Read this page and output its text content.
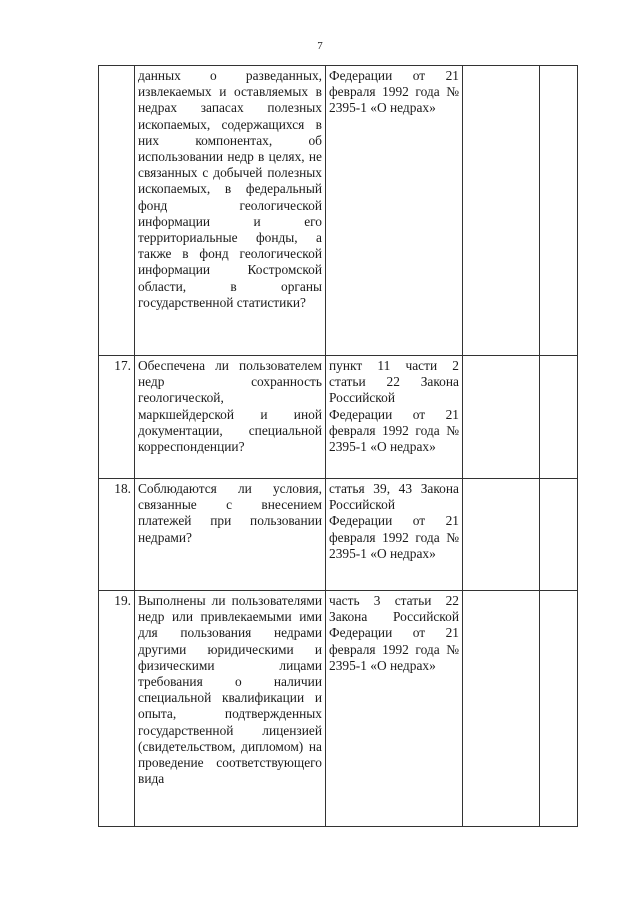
7
	данных о разведанных, извлекаемых и оставляемых в недрах запасах полезных ископаемых, содержащихся в них компонентах, об использовании недр в целях, не связанных с добычей полезных ископаемых, в федеральный фонд геологической информации и его территориальные фонды, а также в фонд геологической информации Костромской области, в органы государственной статистики?	Федерации от 21 февраля 1992 года № 2395-1 «О недрах»		
17.	Обеспечена ли пользователем недр сохранность геологической, маркшейдерской и иной документации, специальной корреспонденции?	пункт 11 части 2 статьи 22 Закона Российской Федерации от 21 февраля 1992 года № 2395-1 «О недрах»		
18.	Соблюдаются ли условия, связанные с внесением платежей при пользовании недрами?	статья 39, 43 Закона Российской Федерации от 21 февраля 1992 года № 2395-1 «О недрах»		
19.	Выполнены ли пользователями недр или привлекаемыми ими для пользования недрами другими юридическими и физическими лицами требования о наличии специальной квалификации и опыта, подтвержденных государственной лицензией (свидетельством, дипломом) на проведение соответствующего вида	часть 3 статьи 22 Закона Российской Федерации от 21 февраля 1992 года № 2395-1 «О недрах»		
